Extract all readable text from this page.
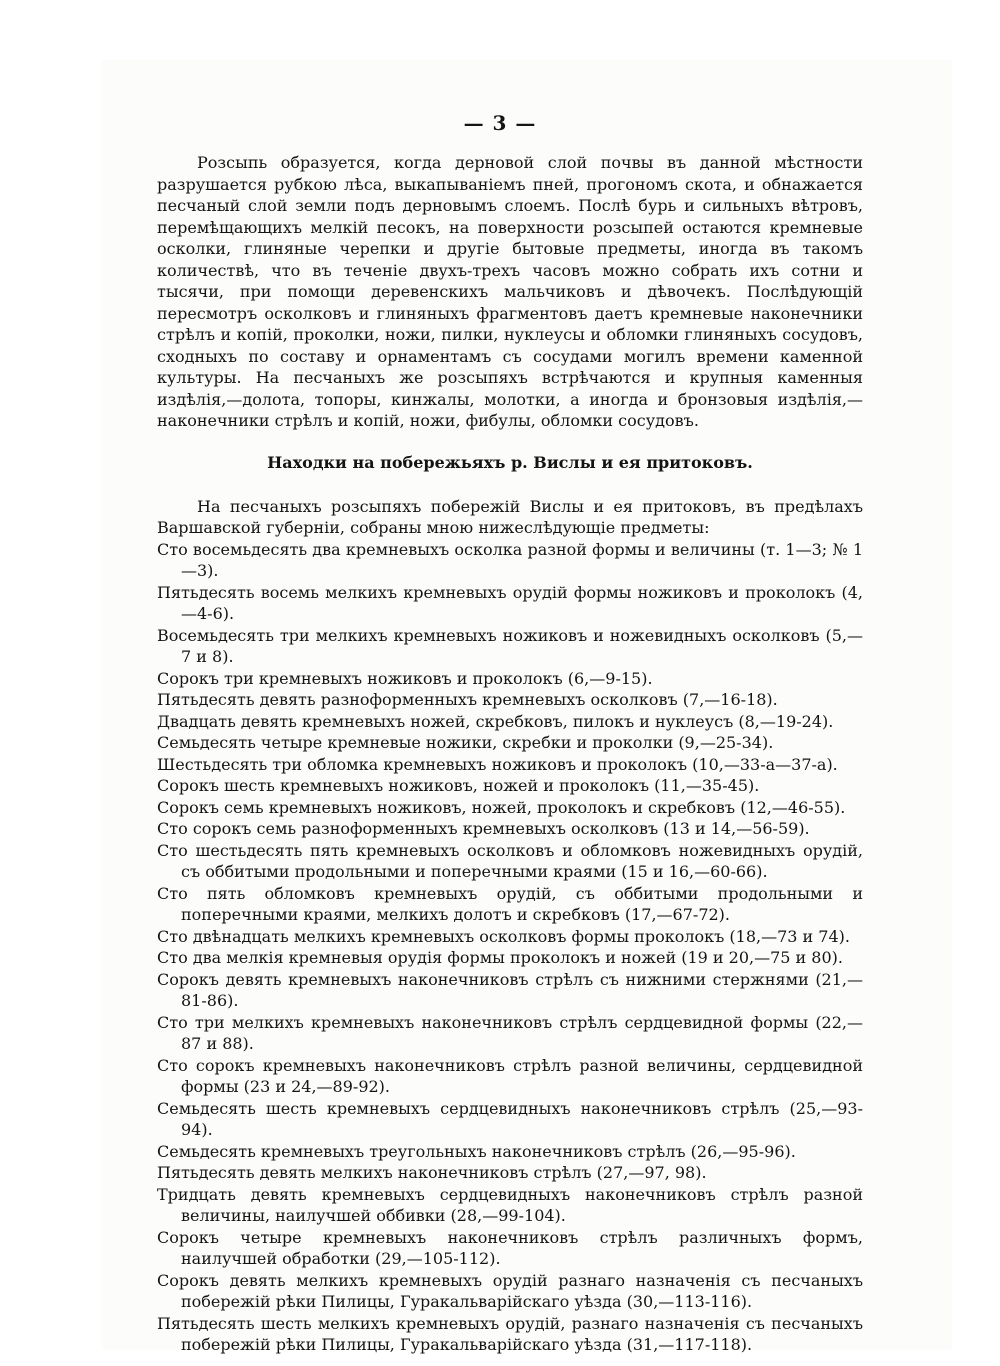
— 3 —

Розсыпь образуется, когда дерновой слой почвы въ данной мѣстности разрушается рубкою лѣса, выкапываніемъ пней, прогономъ скота, и обнажается песчаный слой земли подъ дерновымъ слоемъ. Послѣ бурь и сильныхъ вѣтровъ, перемѣщающихъ мелкій песокъ, на поверхности розсыпей остаются кремневые осколки, глиняные черепки и другіе бытовые предметы, иногда въ такомъ количествѣ, что въ теченіе двухъ-трехъ часовъ можно собрать ихъ сотни и тысячи, при помощи деревенскихъ мальчиковъ и дѣвочекъ. Послѣдующій пересмотръ осколковъ и глиняныхъ фрагментовъ даетъ кремневые наконечники стрѣлъ и копій, проколки, ножи, пилки, нуклеусы и обломки глиняныхъ сосудовъ, сходныхъ по составу и орнаментамъ съ сосудами могилъ времени каменной культуры. На песчаныхъ же розсыпяхъ встрѣчаются и крупныя каменныя издѣлія,—долота, топоры, кинжалы, молотки, а иногда и бронзовыя издѣлія,—наконечники стрѣлъ и копій, ножи, фибулы, обломки сосудовъ.

Находки на побережьяхъ р. Вислы и ея притоковъ.

На песчаныхъ розсыпяхъ побережій Вислы и ея притоковъ, въ предѣлахъ Варшавской губерніи, собраны мною нижеслѣдующіе предметы:

Сто восемьдесять два кремневыхъ осколка разной формы и величины (т. 1—3; № 1—3).

Пятьдесять восемь мелкихъ кремневыхъ орудій формы ножиковъ и проколокъ (4,—4-6).

Восемьдесять три мелкихъ кремневыхъ ножиковъ и ножевидныхъ осколковъ (5,—7 и 8).

Сорокъ три кремневыхъ ножиковъ и проколокъ (6,—9-15).

Пятьдесять девять разноформенныхъ кремневыхъ осколковъ (7,—16-18).

Двадцать девять кремневыхъ ножей, скребковъ, пилокъ и нуклеусъ (8,—19-24).

Семьдесять четыре кремневые ножики, скребки и проколки (9,—25-34).

Шестьдесять три обломка кремневыхъ ножиковъ и проколокъ (10,—33-а—37-а).

Сорокъ шесть кремневыхъ ножиковъ, ножей и проколокъ (11,—35-45).

Сорокъ семь кремневыхъ ножиковъ, ножей, проколокъ и скребковъ (12,—46-55).

Сто сорокъ семь разноформенныхъ кремневыхъ осколковъ (13 и 14,—56-59).

Сто шестьдесять пять кремневыхъ осколковъ и обломковъ ножевидныхъ орудій, съ оббитыми продольными и поперечными краями (15 и 16,—60-66).

Сто пять обломковъ кремневыхъ орудій, съ оббитыми продольными и поперечными краями, мелкихъ долотъ и скребковъ (17,—67-72).

Сто двѣнадцать мелкихъ кремневыхъ осколковъ формы проколокъ (18,—73 и 74).

Сто два мелкія кремневыя орудія формы проколокъ и ножей (19 и 20,—75 и 80).

Сорокъ девять кремневыхъ наконечниковъ стрѣлъ съ нижними стержнями (21,—81-86).

Сто три мелкихъ кремневыхъ наконечниковъ стрѣлъ сердцевидной формы (22,—87 и 88).

Сто сорокъ кремневыхъ наконечниковъ стрѣлъ разной величины, сердцевидной формы (23 и 24,—89-92).

Семьдесять шесть кремневыхъ сердцевидныхъ наконечниковъ стрѣлъ (25,—93-94).

Семьдесять кремневыхъ треугольныхъ наконечниковъ стрѣлъ (26,—95-96).

Пятьдесять девять мелкихъ наконечниковъ стрѣлъ (27,—97, 98).

Тридцать девять кремневыхъ сердцевидныхъ наконечниковъ стрѣлъ разной величины, наилучшей оббивки (28,—99-104).

Сорокъ четыре кремневыхъ наконечниковъ стрѣлъ различныхъ формъ, наилучшей обработки (29,—105-112).

Сорокъ девять мелкихъ кремневыхъ орудій разнаго назначенія съ песчаныхъ побережій рѣки Пилицы, Гуракальварійскаго уѣзда (30,—113-116).

Пятьдесять шесть мелкихъ кремневыхъ орудій, разнаго назначенія съ песчаныхъ побережій рѣки Пилицы, Гуракальварійскаго уѣзда (31,—117-118).
